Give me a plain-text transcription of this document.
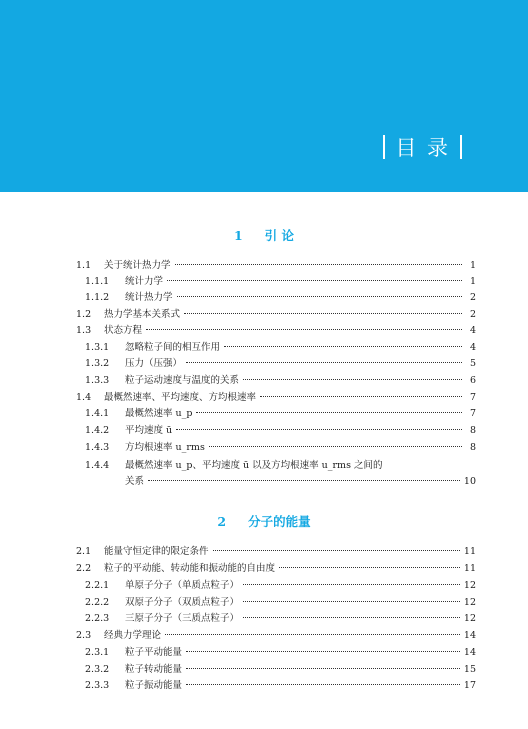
目 录
1 引 论
1.1	关于统计热力学	1
1.1.1	统计力学	1
1.1.2	统计热力学	2
1.2	热力学基本关系式	2
1.3	状态方程	4
1.3.1	忽略粒子间的相互作用	4
1.3.2	压力（压强）	5
1.3.3	粒子运动速度与温度的关系	6
1.4	最概然速率、平均速度、方均根速率	7
1.4.1	最概然速率 u_p	7
1.4.2	平均速度 ū	8
1.4.3	方均根速率 u_rms	8
1.4.4	最概然速率 u_p、平均速度 ū 以及方均根速率 u_rms 之间的
关系	10
2 分子的能量
2.1	能量守恒定律的限定条件	11
2.2	粒子的平动能、转动能和振动能的自由度	11
2.2.1	单原子分子（单质点粒子）	12
2.2.2	双原子分子（双质点粒子）	12
2.2.3	三原子分子（三质点粒子）	12
2.3	经典力学理论	14
2.3.1	粒子平动能量	14
2.3.2	粒子转动能量	15
2.3.3	粒子振动能量	17
